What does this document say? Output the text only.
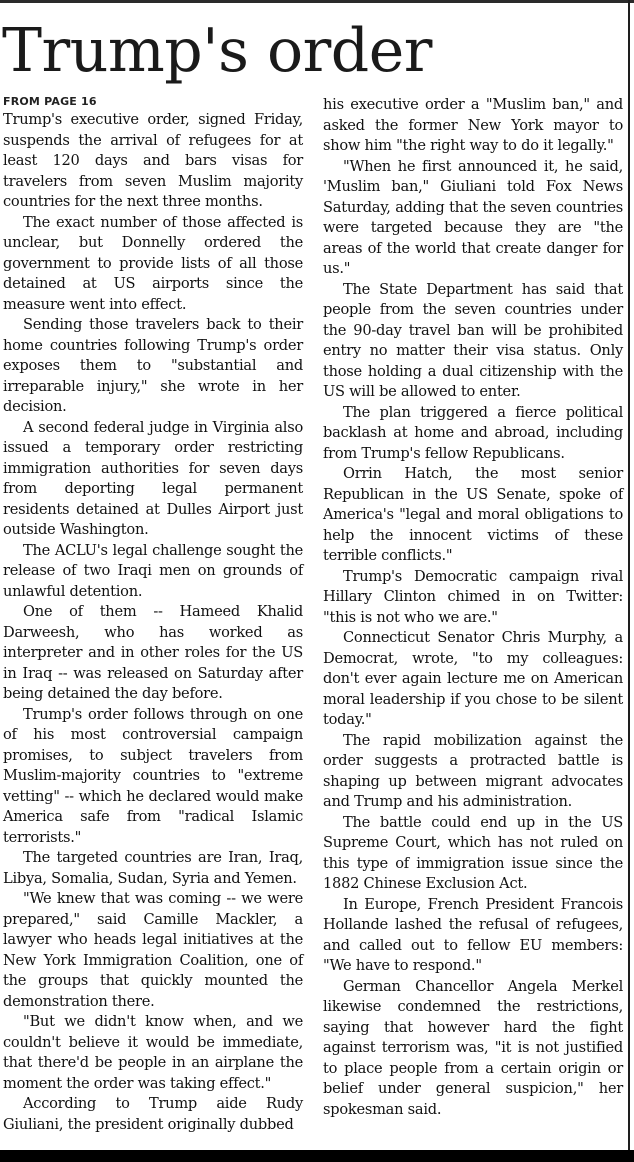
Trump's order
FROM PAGE 16

Trump's executive order, signed Friday, suspends the arrival of refugees for at least 120 days and bars visas for travelers from seven Muslim majority countries for the next three months.

The exact number of those affected is unclear, but Donnelly ordered the government to provide lists of all those detained at US airports since the measure went into effect.

Sending those travelers back to their home countries following Trump's order exposes them to "substantial and irreparable injury," she wrote in her decision.

A second federal judge in Virginia also issued a temporary order restricting immigration authorities for seven days from deporting legal permanent residents detained at Dulles Airport just outside Washington.

The ACLU's legal challenge sought the release of two Iraqi men on grounds of unlawful detention.

One of them -- Hameed Khalid Darweesh, who has worked as interpreter and in other roles for the US in Iraq -- was released on Saturday after being detained the day before.

Trump's order follows through on one of his most controversial campaign promises, to subject travelers from Muslim-majority countries to "extreme vetting" -- which he declared would make America safe from "radical Islamic terrorists."

The targeted countries are Iran, Iraq, Libya, Somalia, Sudan, Syria and Yemen.

"We knew that was coming -- we were prepared," said Camille Mackler, a lawyer who heads legal initiatives at the New York Immigration Coalition, one of the groups that quickly mounted the demonstration there.

"But we didn't know when, and we couldn't believe it would be immediate, that there'd be people in an airplane the moment the order was taking effect."

According to Trump aide Rudy Giuliani, the president originally dubbed

his executive order a "Muslim ban," and asked the former New York mayor to show him "the right way to do it legally."

"When he first announced it, he said, 'Muslim ban," Giuliani told Fox News Saturday, adding that the seven countries were targeted because they are "the areas of the world that create danger for us."

The State Department has said that people from the seven countries under the 90-day travel ban will be prohibited entry no matter their visa status. Only those holding a dual citizenship with the US will be allowed to enter.

The plan triggered a fierce political backlash at home and abroad, including from Trump's fellow Republicans.

Orrin Hatch, the most senior Republican in the US Senate, spoke of America's "legal and moral obligations to help the innocent victims of these terrible conflicts."

Trump's Democratic campaign rival Hillary Clinton chimed in on Twitter: "this is not who we are."

Connecticut Senator Chris Murphy, a Democrat, wrote, "to my colleagues: don't ever again lecture me on American moral leadership if you chose to be silent today."

The rapid mobilization against the order suggests a protracted battle is shaping up between migrant advocates and Trump and his administration.

The battle could end up in the US Supreme Court, which has not ruled on this type of immigration issue since the 1882 Chinese Exclusion Act.

In Europe, French President Francois Hollande lashed the refusal of refugees, and called out to fellow EU members: "We have to respond."

German Chancellor Angela Merkel likewise condemned the restrictions, saying that however hard the fight against terrorism was, "it is not justified to place people from a certain origin or belief under general suspicion," her spokesman said.
